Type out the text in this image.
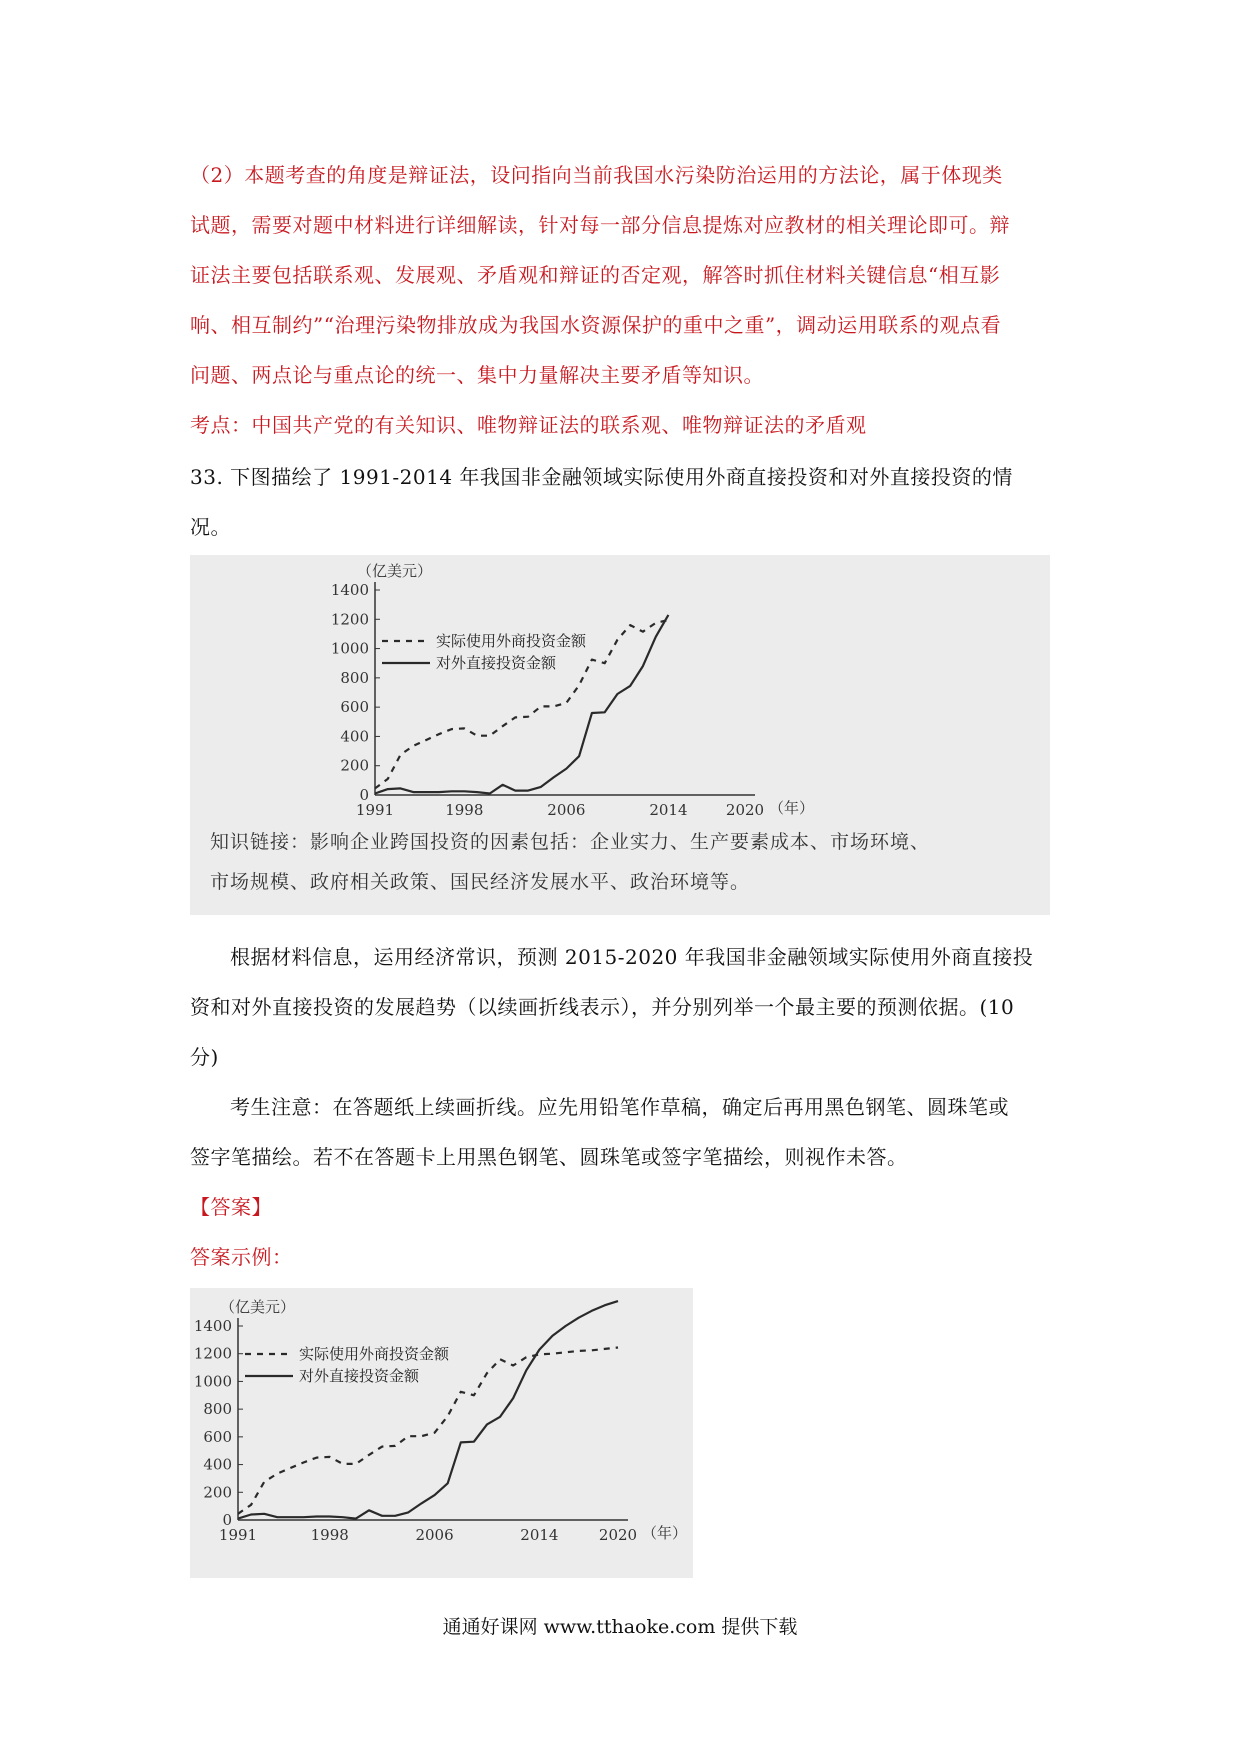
（2）本题考查的角度是辩证法，设问指向当前我国水污染防治运用的方法论，属于体现类
试题，需要对题中材料进行详细解读，针对每一部分信息提炼对应教材的相关理论即可。辩
证法主要包括联系观、发展观、矛盾观和辩证的否定观，解答时抓住材料关键信息“相互影
响、相互制约”“治理污染物排放成为我国水资源保护的重中之重”，调动运用联系的观点看
问题、两点论与重点论的统一、集中力量解决主要矛盾等知识。
考点：中国共产党的有关知识、唯物辩证法的联系观、唯物辩证法的矛盾观
33. 下图描绘了 1991-2014 年我国非金融领域实际使用外商直接投资和对外直接投资的情
况。
（亿美元）
0
200
400
600
800
1000
1200
1400
1991	1998	2006	2014	2020 （年）
实际使用外商投资金额
对外直接投资金额
知识链接：影响企业跨国投资的因素包括：企业实力、生产要素成本、市场环境、
市场规模、政府相关政策、国民经济发展水平、政治环境等。
根据材料信息，运用经济常识，预测 2015-2020 年我国非金融领域实际使用外商直接投
资和对外直接投资的发展趋势（以续画折线表示），并分别列举一个最主要的预测依据。(10
分)
考生注意：在答题纸上续画折线。应先用铅笔作草稿，确定后再用黑色钢笔、圆珠笔或
签字笔描绘。若不在答题卡上用黑色钢笔、圆珠笔或签字笔描绘，则视作未答。
【答案】
答案示例：
（亿美元）
0
200
400
600
800
1000
1200
1400
1991	1998	2006	2014	2020 （年）
实际使用外商投资金额
对外直接投资金额
通通好课网 www.tthaoke.com 提供下载
